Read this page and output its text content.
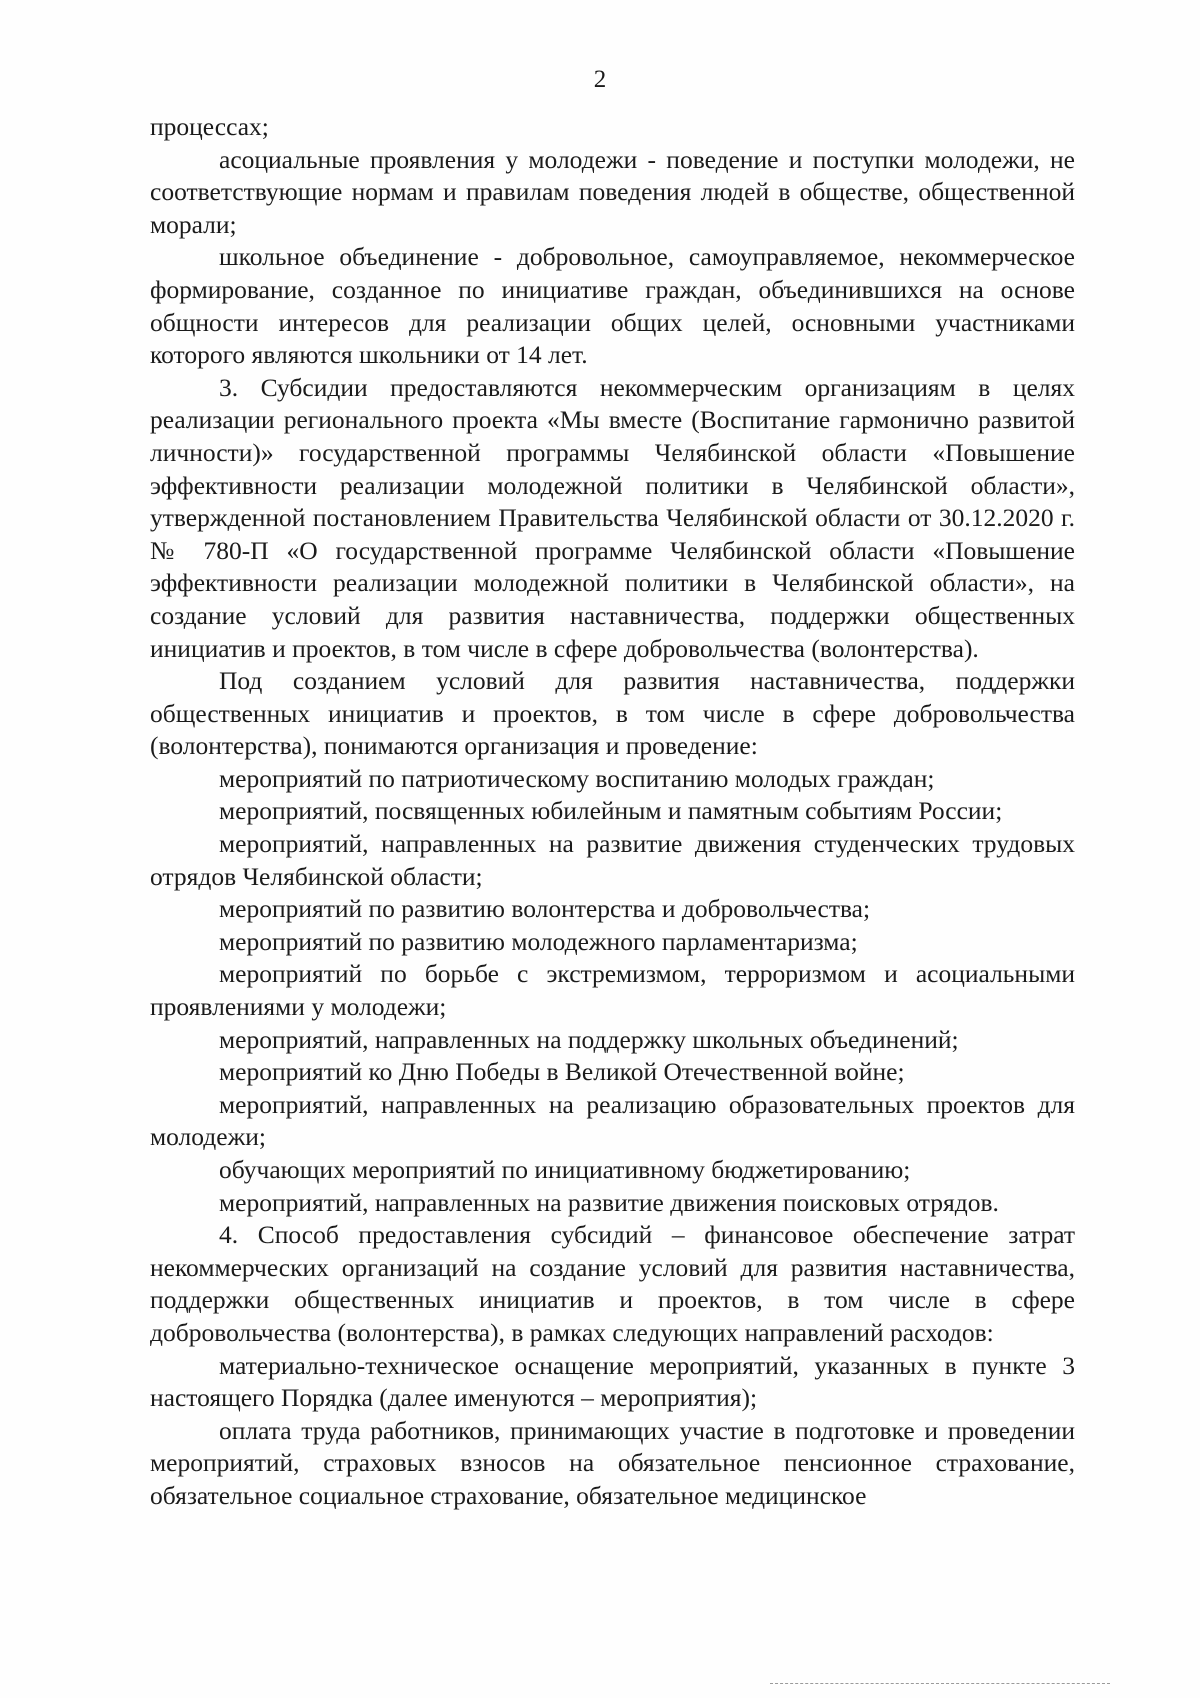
2

процессах;

асоциальные проявления у молодежи - поведение и поступки молодежи, не соответствующие нормам и правилам поведения людей в обществе, общественной морали;

школьное объединение - добровольное, самоуправляемое, некоммерческое формирование, созданное по инициативе граждан, объединившихся на основе общности интересов для реализации общих целей, основными участниками которого являются школьники от 14 лет.

3. Субсидии предоставляются некоммерческим организациям в целях реализации регионального проекта «Мы вместе (Воспитание гармонично развитой личности)» государственной программы Челябинской области «Повышение эффективности реализации молодежной политики в Челябинской области», утвержденной постановлением Правительства Челябинской области от 30.12.2020 г. № 780-П «О государственной программе Челябинской области «Повышение эффективности реализации молодежной политики в Челябинской области», на создание условий для развития наставничества, поддержки общественных инициатив и проектов, в том числе в сфере добровольчества (волонтерства).

Под созданием условий для развития наставничества, поддержки общественных инициатив и проектов, в том числе в сфере добровольчества (волонтерства), понимаются организация и проведение:

мероприятий по патриотическому воспитанию молодых граждан;

мероприятий, посвященных юбилейным и памятным событиям России;

мероприятий, направленных на развитие движения студенческих трудовых отрядов Челябинской области;

мероприятий по развитию волонтерства и добровольчества;

мероприятий по развитию молодежного парламентаризма;

мероприятий по борьбе с экстремизмом, терроризмом и асоциальными проявлениями у молодежи;

мероприятий, направленных на поддержку школьных объединений;

мероприятий ко Дню Победы в Великой Отечественной войне;

мероприятий, направленных на реализацию образовательных проектов для молодежи;

обучающих мероприятий по инициативному бюджетированию;

мероприятий, направленных на развитие движения поисковых отрядов.

4. Способ предоставления субсидий – финансовое обеспечение затрат некоммерческих организаций на создание условий для развития наставничества, поддержки общественных инициатив и проектов, в том числе в сфере добровольчества (волонтерства), в рамках следующих направлений расходов:

материально-техническое оснащение мероприятий, указанных в пункте 3 настоящего Порядка (далее именуются – мероприятия);

оплата труда работников, принимающих участие в подготовке и проведении мероприятий, страховых взносов на обязательное пенсионное страхование, обязательное социальное страхование, обязательное медицинское
